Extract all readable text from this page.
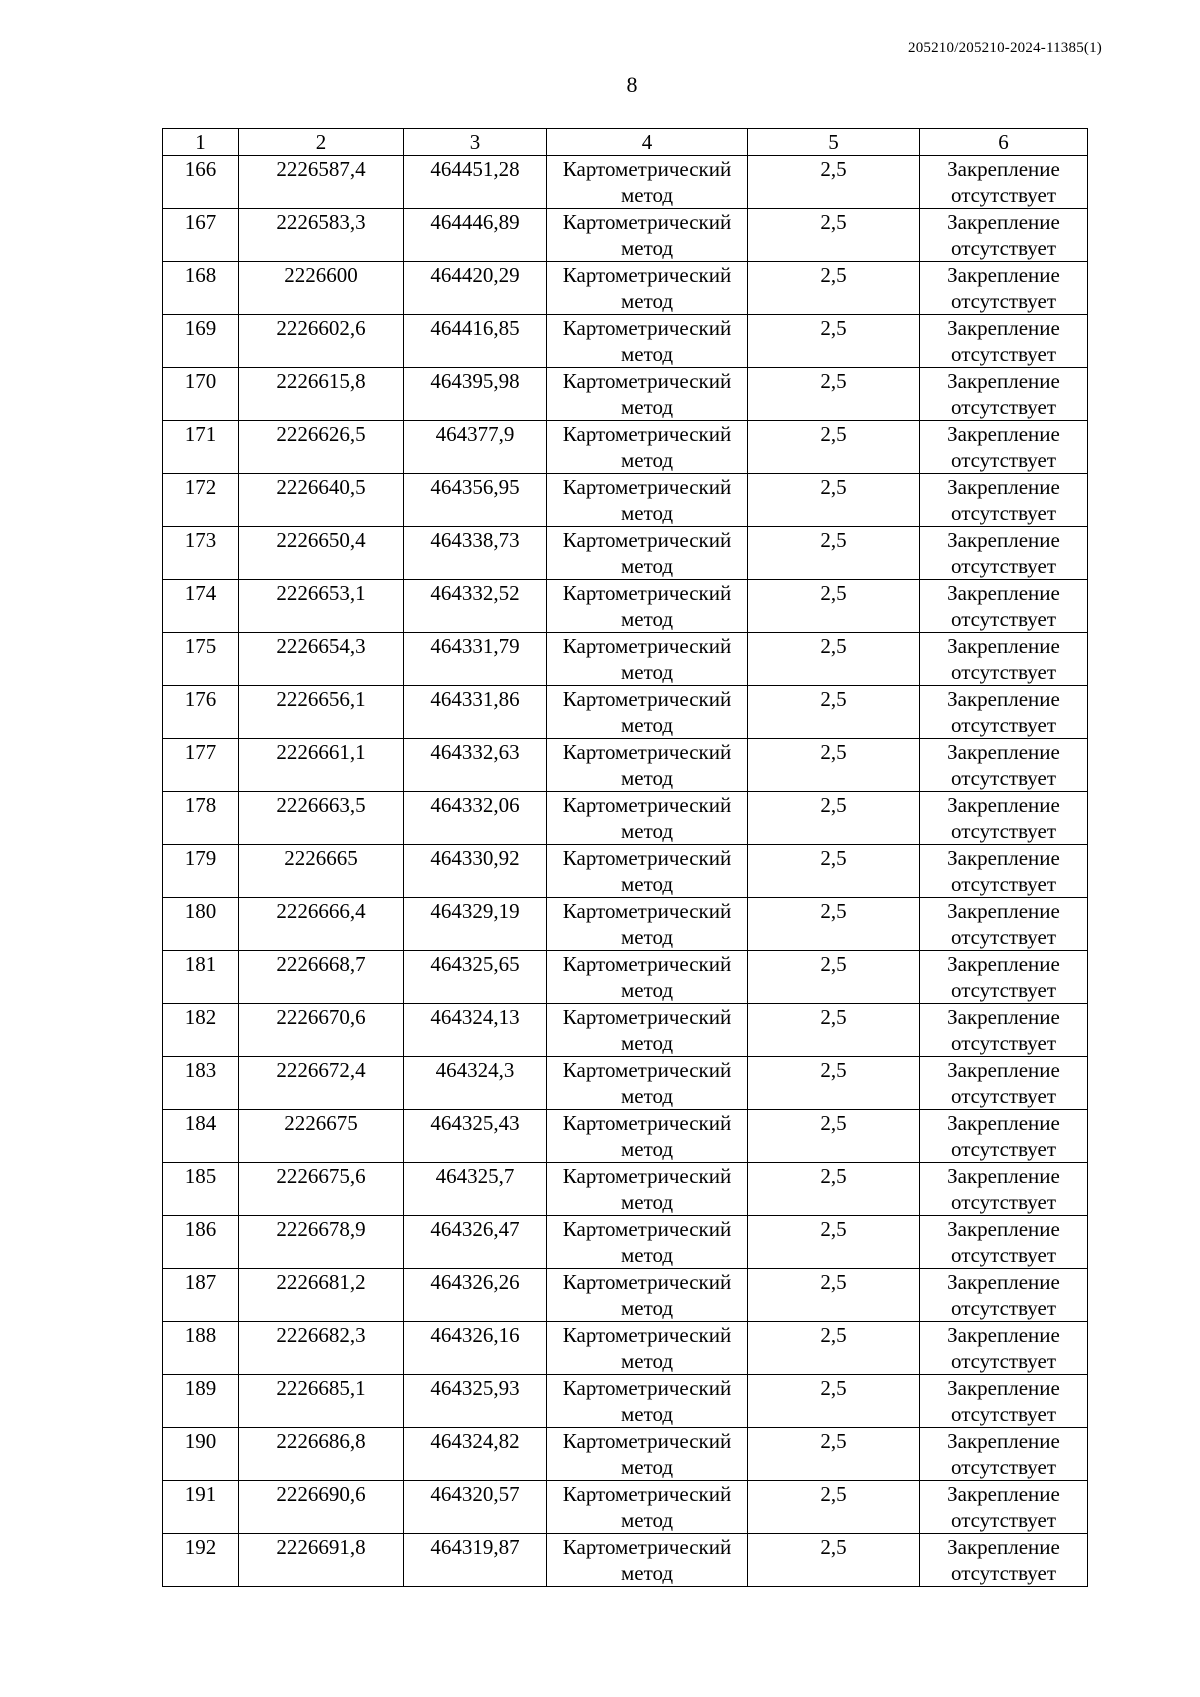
205210/205210-2024-11385(1)
8
1	2	3	4	5	6
166	2226587,4	464451,28	Картометрический метод	2,5	Закрепление отсутствует
167	2226583,3	464446,89	Картометрический метод	2,5	Закрепление отсутствует
168	2226600	464420,29	Картометрический метод	2,5	Закрепление отсутствует
169	2226602,6	464416,85	Картометрический метод	2,5	Закрепление отсутствует
170	2226615,8	464395,98	Картометрический метод	2,5	Закрепление отсутствует
171	2226626,5	464377,9	Картометрический метод	2,5	Закрепление отсутствует
172	2226640,5	464356,95	Картометрический метод	2,5	Закрепление отсутствует
173	2226650,4	464338,73	Картометрический метод	2,5	Закрепление отсутствует
174	2226653,1	464332,52	Картометрический метод	2,5	Закрепление отсутствует
175	2226654,3	464331,79	Картометрический метод	2,5	Закрепление отсутствует
176	2226656,1	464331,86	Картометрический метод	2,5	Закрепление отсутствует
177	2226661,1	464332,63	Картометрический метод	2,5	Закрепление отсутствует
178	2226663,5	464332,06	Картометрический метод	2,5	Закрепление отсутствует
179	2226665	464330,92	Картометрический метод	2,5	Закрепление отсутствует
180	2226666,4	464329,19	Картометрический метод	2,5	Закрепление отсутствует
181	2226668,7	464325,65	Картометрический метод	2,5	Закрепление отсутствует
182	2226670,6	464324,13	Картометрический метод	2,5	Закрепление отсутствует
183	2226672,4	464324,3	Картометрический метод	2,5	Закрепление отсутствует
184	2226675	464325,43	Картометрический метод	2,5	Закрепление отсутствует
185	2226675,6	464325,7	Картометрический метод	2,5	Закрепление отсутствует
186	2226678,9	464326,47	Картометрический метод	2,5	Закрепление отсутствует
187	2226681,2	464326,26	Картометрический метод	2,5	Закрепление отсутствует
188	2226682,3	464326,16	Картометрический метод	2,5	Закрепление отсутствует
189	2226685,1	464325,93	Картометрический метод	2,5	Закрепление отсутствует
190	2226686,8	464324,82	Картометрический метод	2,5	Закрепление отсутствует
191	2226690,6	464320,57	Картометрический метод	2,5	Закрепление отсутствует
192	2226691,8	464319,87	Картометрический метод	2,5	Закрепление отсутствует
